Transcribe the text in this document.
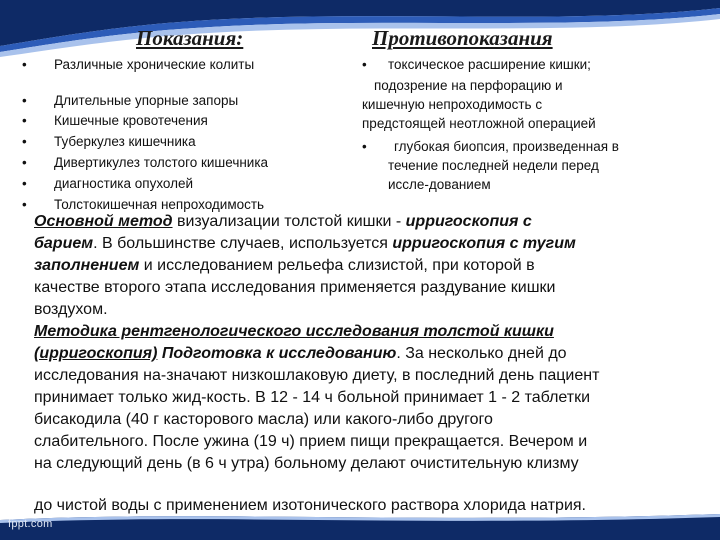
Показания:	Противопоказания
• Различные хронические колиты
• Длительные упорные запоры
• Кишечные кровотечения
• Туберкулез кишечника
• Дивертикулез толстого кишечника
• диагностика опухолей
• Толстокишечная непроходимость
• токсическое расширение кишки;
подозрение на перфорацию и
кишечную непроходимость с
предстоящей неотложной операцией
• глубокая биопсия, произведенная в
течение последней недели перед
иссле-дованием
Основной метод визуализации толстой кишки - ирригоскопия с
барием. В большинстве случаев, используется ирригоскопия с тугим
заполнением и исследованием рельефа слизистой, при которой в
качестве второго этапа исследования применяется раздувание кишки
воздухом.
Методика рентгенологического исследования толстой кишки
(ирригоскопия) Подготовка к исследованию. За несколько дней до
исследования на-значают низкошлаковую диету, в последний день пациент
принимает только жид-кость. В 12 - 14 ч больной принимает 1 - 2 таблетки
бисакодила (40 г касторового масла) или какого-либо другого
слабительного. После ужина (19 ч) прием пищи прекращается. Вечером и
на следующий день (в 6 ч утра) больному делают очистительную клизму
до чистой воды с применением изотонического раствора хлорида натрия.
fppt.com
